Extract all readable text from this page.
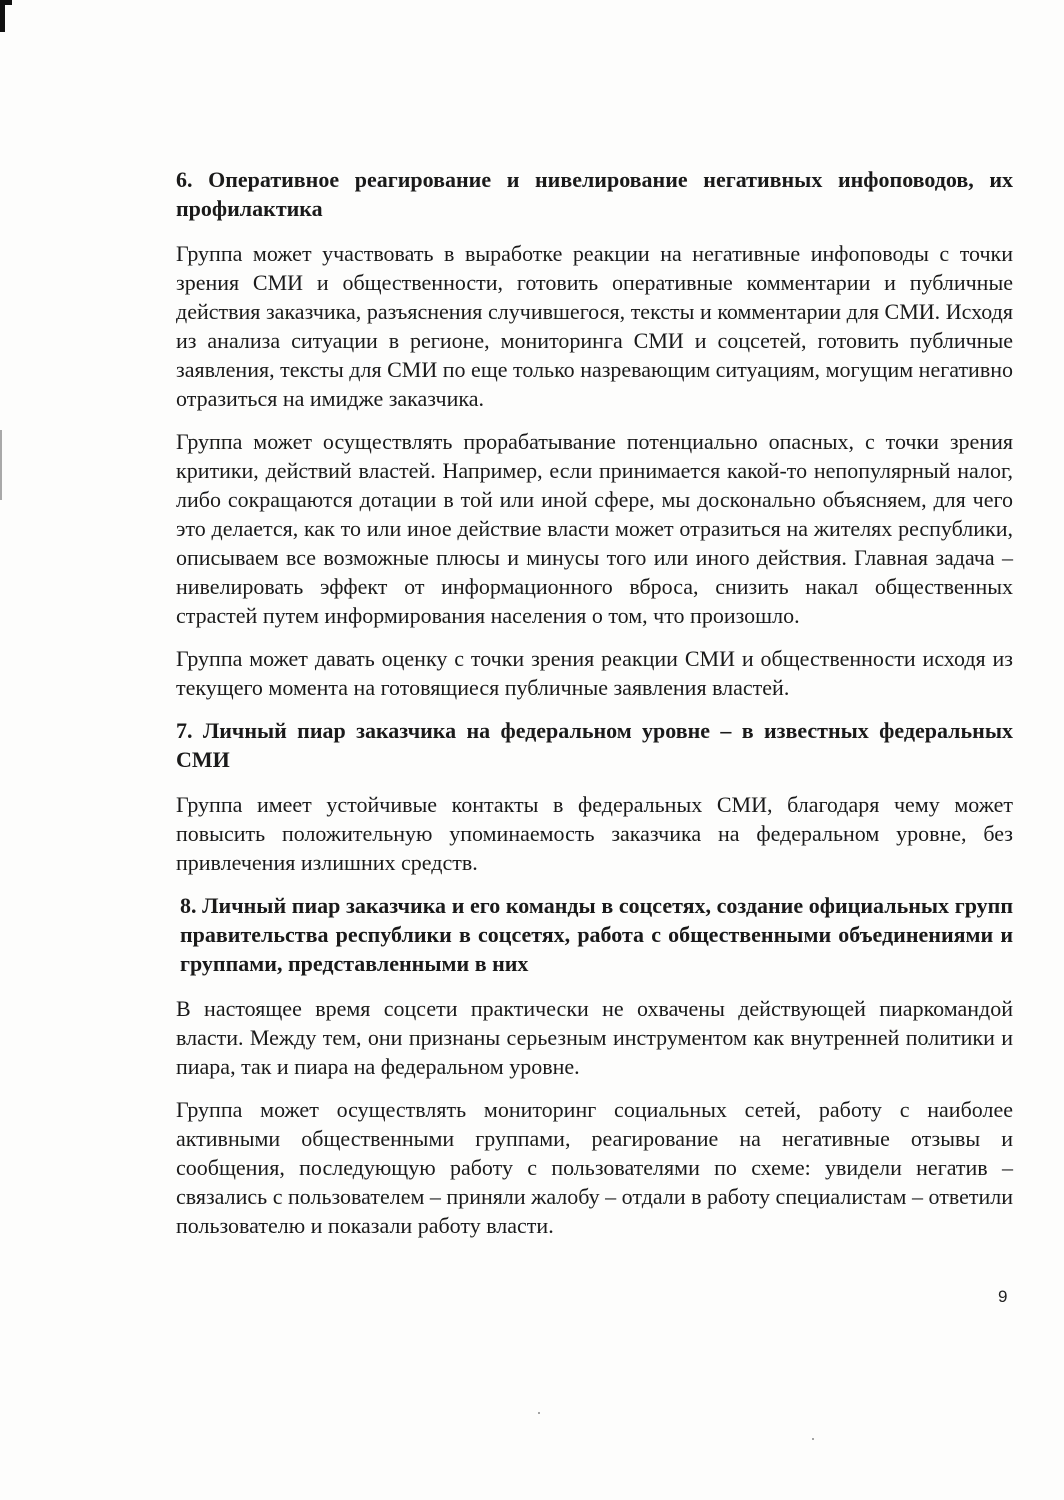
6. Оперативное реагирование и нивелирование негативных инфоповодов, их профилактика

Группа может участвовать в выработке реакции на негативные инфоповоды с точки зрения СМИ и общественности, готовить оперативные комментарии и публичные действия заказчика, разъяснения случившегося, тексты и комментарии для СМИ. Исходя из анализа ситуации в регионе, мониторинга СМИ и соцсетей, готовить публичные заявления, тексты для СМИ по еще только назревающим ситуациям, могущим негативно отразиться на имидже заказчика.

Группа может осуществлять прорабатывание потенциально опасных, с точки зрения критики, действий властей. Например, если принимается какой-то непопулярный налог, либо сокращаются дотации в той или иной сфере, мы досконально объясняем, для чего это делается, как то или иное действие власти может отразиться на жителях республики, описываем все возможные плюсы и минусы того или иного действия. Главная задача – нивелировать эффект от информационного вброса, снизить накал общественных страстей путем информирования населения о том, что произошло.

Группа может давать оценку с точки зрения реакции СМИ и общественности исходя из текущего момента на готовящиеся публичные заявления властей.

7. Личный пиар заказчика на федеральном уровне – в известных федеральных СМИ

Группа имеет устойчивые контакты в федеральных СМИ, благодаря чему может повысить положительную упоминаемость заказчика на федеральном уровне, без привлечения излишних средств.

8. Личный пиар заказчика и его команды в соцсетях, создание официальных групп правительства республики в соцсетях, работа с общественными объединениями и группами, представленными в них

В настоящее время соцсети практически не охвачены действующей пиаркомандой власти. Между тем, они признаны серьезным инструментом как внутренней политики и пиара, так и пиара на федеральном уровне.

Группа может осуществлять мониторинг социальных сетей, работу с наиболее активными общественными группами, реагирование на негативные отзывы и сообщения, последующую работу с пользователями по схеме: увидели негатив – связались с пользователем – приняли жалобу – отдали в работу специалистам – ответили пользователю и показали работу власти.

9
